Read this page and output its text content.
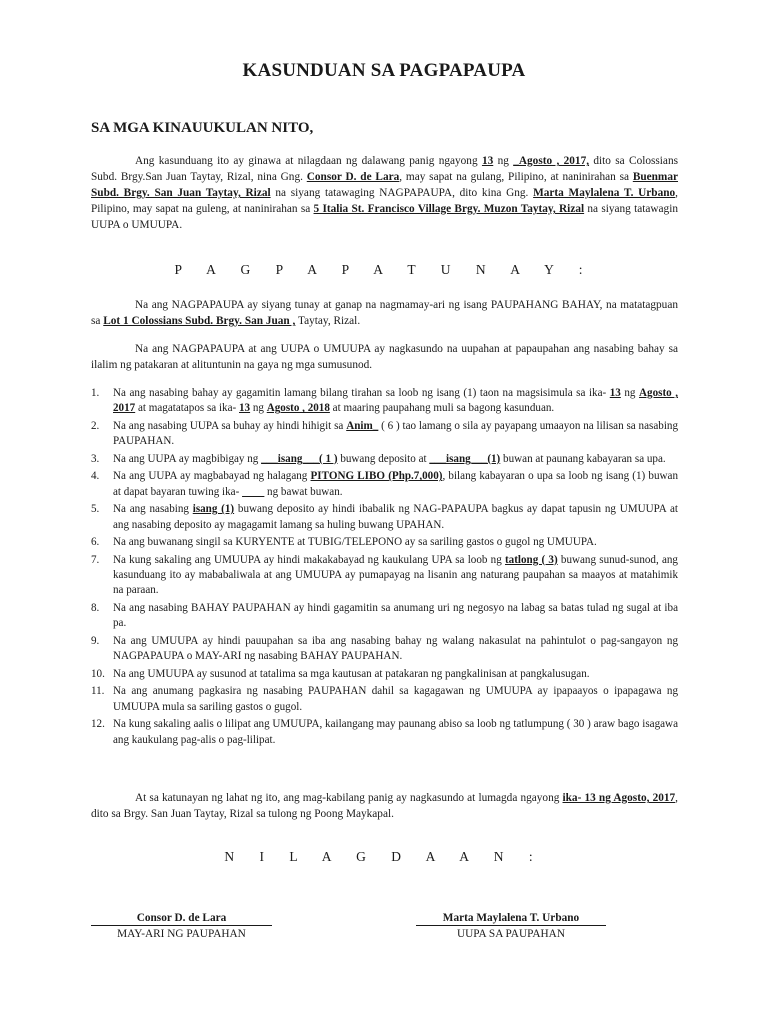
KASUNDUAN SA PAGPAPAUPA
SA MGA KINAUUKULAN NITO,
Ang kasunduang ito ay ginawa at nilagdaan ng dalawang panig ngayong 13 ng _Agosto , 2017, dito sa Colossians Subd. Brgy.San Juan Taytay, Rizal, nina Gng. Consor D. de Lara, may sapat na gulang, Pilipino, at naninirahan sa Buenmar Subd. Brgy. San Juan Taytay, Rizal na siyang tatawaging NAGPAPAUPA, dito kina Gng. Marta Maylalena T. Urbano, Pilipino, may sapat na guleng, at naninirahan sa 5 Italia St. Francisco Village Brgy. Muzon Taytay, Rizal na siyang tatawagin UUPA o UMUUPA.
P A G P A P A T U N A Y :
Na ang NAGPAPAUPA ay siyang tunay at ganap na nagmamay-ari ng isang PAUPAHANG BAHAY, na matatagpuan sa Lot 1 Colossians Subd. Brgy. San Juan , Taytay, Rizal.
Na ang NAGPAPAUPA at ang UUPA o UMUUPA ay nagkasundo na uupahan at papaupahan ang nasabing bahay sa ilalim ng patakaran at alituntunin na gaya ng mga sumusunod.
1. Na ang nasabing bahay ay gagamitin lamang bilang tirahan sa loob ng isang (1) taon na magsisimula sa ika- 13 ng Agosto , 2017 at magatatapos sa ika- 13 ng Agosto , 2018 at maaring paupahang muli sa bagong kasunduan.
2. Na ang nasabing UUPA sa buhay ay hindi hihigit sa Anim_ ( 6 ) tao lamang o sila ay payapang umaayon na lilisan sa nasabing PAUPAHAN.
3. Na ang UUPA ay magbibigay ng ___isang___( 1 ) buwang deposito at ___isang___(1) buwan at paunang kabayaran sa upa.
4. Na ang UUPA ay magbabayad ng halagang PITONG LIBO (Php.7,000), bilang kabayaran o upa sa loob ng isang (1) buwan at dapat bayaran tuwing ika- ____ ng bawat buwan.
5. Na ang nasabing isang (1) buwang deposito ay hindi ibabalik ng NAG-PAPAUPA bagkus ay dapat tapusin ng UMUUPA at ang nasabing deposito ay magagamit lamang sa huling buwang UPAHAN.
6. Na ang buwanang singil sa KURYENTE at TUBIG/TELEPONO ay sa sariling gastos o gugol ng UMUUPA.
7. Na kung sakaling ang UMUUPA ay hindi makakabayad ng kaukulang UPA sa loob ng tatlong ( 3) buwang sunud-sunod, ang kasunduang ito ay mababaliwala at ang UMUUPA ay pumapayag na lisanin ang naturang paupahan sa maayos at matahimik na paraan.
8. Na ang nasabing BAHAY PAUPAHAN ay hindi gagamitin sa anumang uri ng negosyo na labag sa batas tulad ng sugal at iba pa.
9. Na ang UMUUPA ay hindi pauupahan sa iba ang nasabing bahay ng walang nakasulat na pahintulot o pag-sangayon ng NAGPAPAUPA o MAY-ARI ng nasabing BAHAY PAUPAHAN.
10. Na ang UMUUPA ay susunod at tatalima sa mga kautusan at patakaran ng pangkalinisan at pangkalusugan.
11. Na ang anumang pagkasira ng nasabing PAUPAHAN dahil sa kagagawan ng UMUUPA ay ipapaayos o ipapagawa ng UMUUPA mula sa sariling gastos o gugol.
12. Na kung sakaling aalis o lilipat ang UMUUPA, kailangang may paunang abiso sa loob ng tatlumpung ( 30 ) araw bago isagawa ang kaukulang pag-alis o pag-lilipat.
At sa katunayan ng lahat ng ito, ang mag-kabilang panig ay nagkasundo at lumagda ngayong ika- 13 ng Agosto, 2017, dito sa Brgy. San Juan Taytay, Rizal sa tulong ng Poong Maykapal.
N I L A G D A A N :
Consor D. de Lara
MAY-ARI NG PAUPAHAN
Marta Maylalena T. Urbano
UUPA SA PAUPAHAN
